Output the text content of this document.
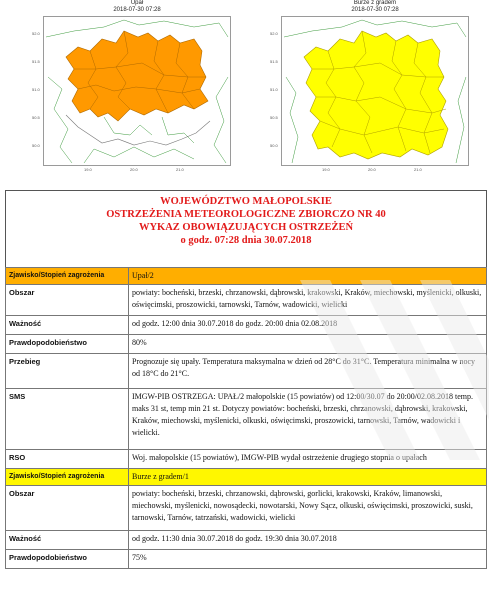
Upał
2018-07-30 07:28
52.0
51.5
51.0
50.5
50.0
19.0	20.0	21.0
Burze z gradem
2018-07-30 07:28
52.0
51.5
51.0
50.5
50.0
19.0	20.0	21.0
WOJEWÓDZTWO MAŁOPOLSKIE
OSTRZEŻENIA METEOROLOGICZNE ZBIORCZO NR 40
WYKAZ OBOWIĄZUJĄCYCH OSTRZEŻEŃ
o godz. 07:28 dnia 30.07.2018
Zjawisko/Stopień zagrożenia	Upał/2
Obszar	powiaty: bocheński, brzeski, chrzanowski, dąbrowski, krakowski, Kraków, miechowski, myślenicki, olkuski, oświęcimski, proszowicki, tarnowski, Tarnów, wadowicki, wielicki
Ważność	od godz. 12:00 dnia 30.07.2018 do godz. 20:00 dnia 02.08.2018
Prawdopodobieństwo	80%
Przebieg	Prognozuje się upały. Temperatura maksymalna w dzień od 28°C do 31°C. Temperatura minimalna w nocy od 18°C do 21°C.
SMS	IMGW-PIB OSTRZEGA: UPAŁ/2 małopolskie (15 powiatów) od 12:00/30.07 do 20:00/02.08.2018 temp. maks 31 st, temp min 21 st. Dotyczy powiatów: bocheński, brzeski, chrzanowski, dąbrowski, krakowski, Kraków, miechowski, myślenicki, olkuski, oświęcimski, proszowicki, tarnowski, Tarnów, wadowicki i wielicki.
RSO	Woj. małopolskie (15 powiatów), IMGW-PIB wydał ostrzeżenie drugiego stopnia o upałach
Zjawisko/Stopień zagrożenia	Burze z gradem/1
Obszar	powiaty: bocheński, brzeski, chrzanowski, dąbrowski, gorlicki, krakowski, Kraków, limanowski, miechowski, myślenicki, nowosądecki, nowotarski, Nowy Sącz, olkuski, oświęcimski, proszowicki, suski, tarnowski, Tarnów, tatrzański, wadowicki, wielicki
Ważność	od godz. 11:30 dnia 30.07.2018 do godz. 19:30 dnia 30.07.2018
Prawdopodobieństwo	75%
